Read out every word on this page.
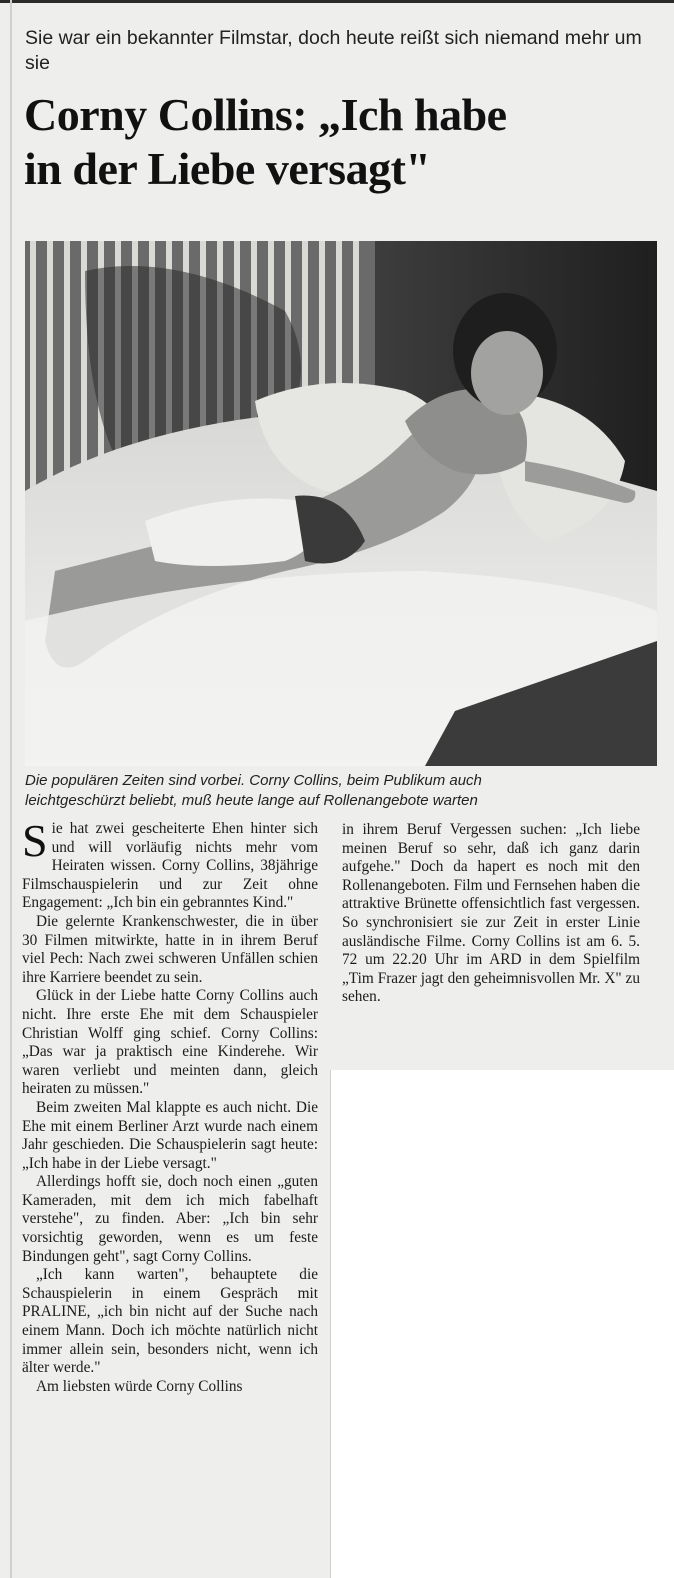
Sie war ein bekannter Filmstar, doch heute reißt sich niemand mehr um sie
Corny Collins: „Ich habe
in der Liebe versagt"
Die populären Zeiten sind vorbei. Corny Collins, beim Publikum auch
leichtgeschürzt beliebt, muß heute lange auf Rollenangebote warten

Sie hat zwei gescheiterte Ehen hinter sich und will vorläufig nichts mehr vom Heiraten wissen. Corny Collins, 38jährige Filmschauspielerin und zur Zeit ohne Engagement: „Ich bin ein gebranntes Kind."

Die gelernte Krankenschwester, die in über 30 Filmen mitwirkte, hatte in in ihrem Beruf viel Pech: Nach zwei schweren Unfällen schien ihre Karriere beendet zu sein.

Glück in der Liebe hatte Corny Collins auch nicht. Ihre erste Ehe mit dem Schauspieler Christian Wolff ging schief. Corny Collins: „Das war ja praktisch eine Kinderehe. Wir waren verliebt und meinten dann, gleich heiraten zu müssen."

Beim zweiten Mal klappte es auch nicht. Die Ehe mit einem Berliner Arzt wurde nach einem Jahr geschieden. Die Schauspielerin sagt heute: „Ich habe in der Liebe versagt."

Allerdings hofft sie, doch noch einen „guten Kameraden, mit dem ich mich fabelhaft verstehe", zu finden. Aber: „Ich bin sehr vorsichtig geworden, wenn es um feste Bindungen geht", sagt Corny Collins.

„Ich kann warten", behauptete die Schauspielerin in einem Gespräch mit PRALINE, „ich bin nicht auf der Suche nach einem Mann. Doch ich möchte natürlich nicht immer allein sein, besonders nicht, wenn ich älter werde."

Am liebsten würde Corny Collins

in ihrem Beruf Vergessen suchen: „Ich liebe meinen Beruf so sehr, daß ich ganz darin aufgehe." Doch da hapert es noch mit den Rollenangeboten. Film und Fernsehen haben die attraktive Brünette offensichtlich fast vergessen. So synchronisiert sie zur Zeit in erster Linie ausländische Filme. Corny Collins ist am 6. 5. 72 um 22.20 Uhr im ARD in dem Spielfilm „Tim Frazer jagt den geheimnisvollen Mr. X" zu sehen.
